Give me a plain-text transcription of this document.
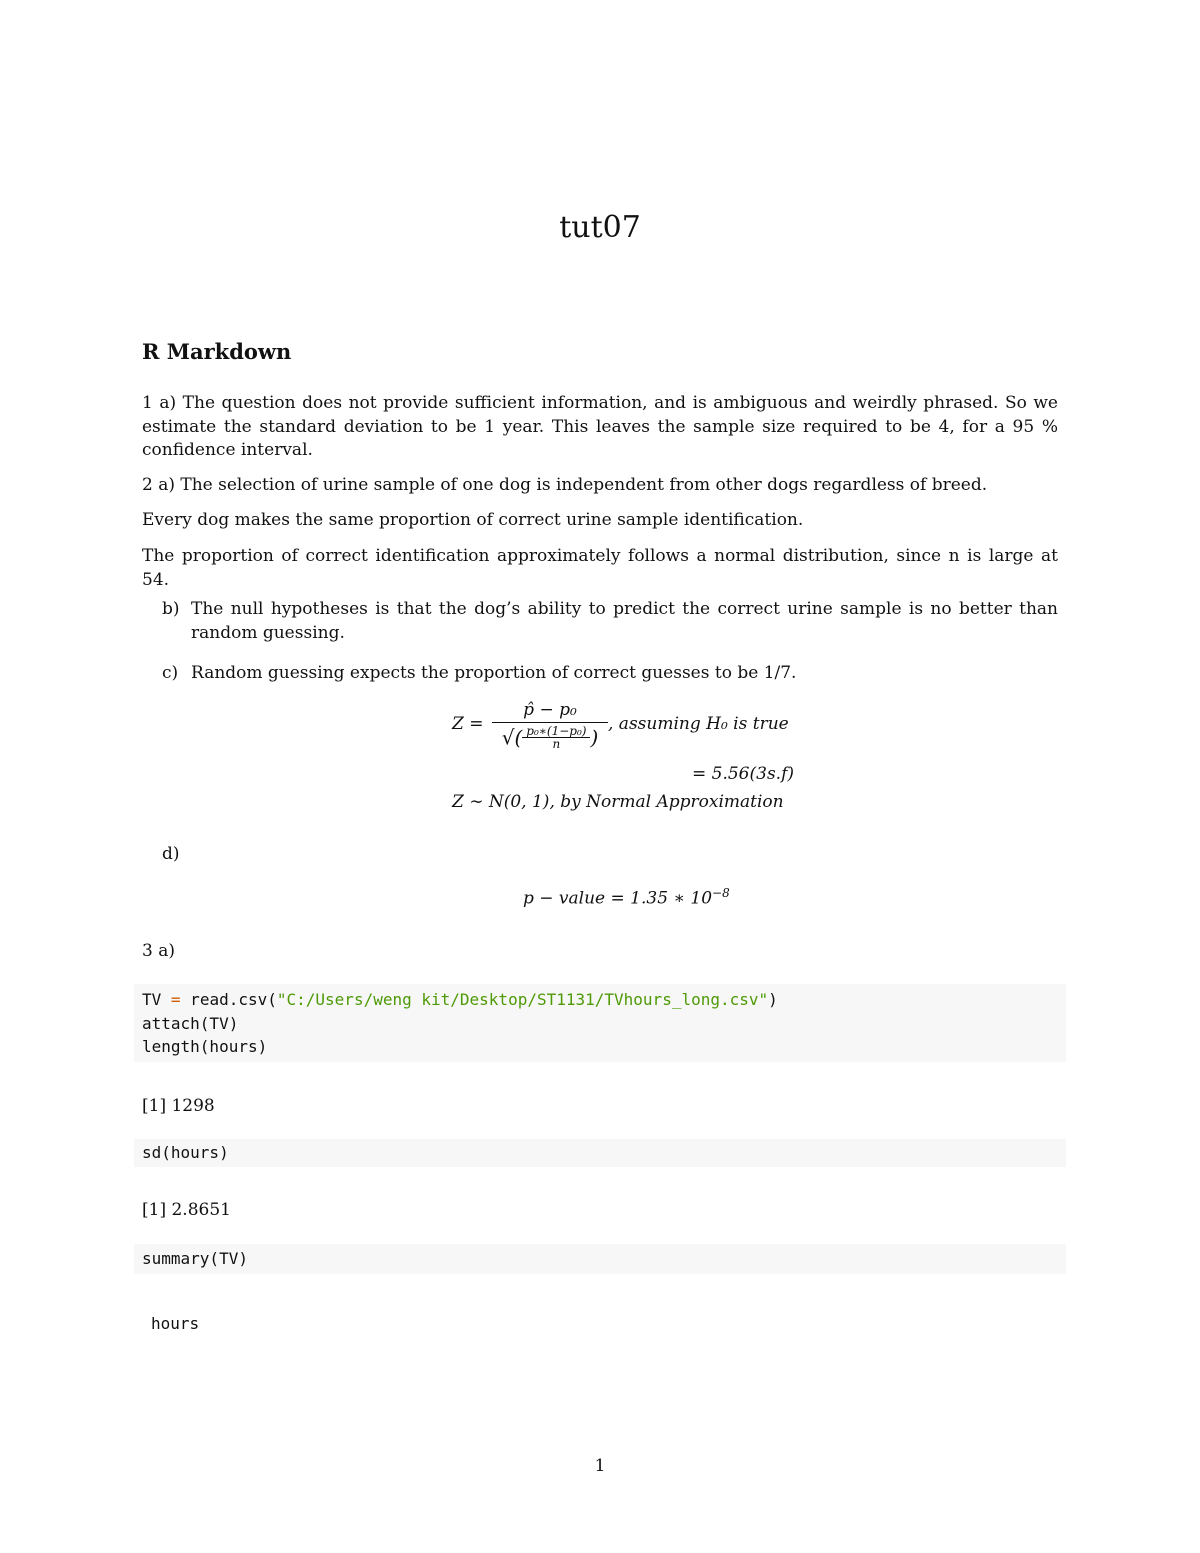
tut07
R Markdown
1 a) The question does not provide sufficient information, and is ambiguous and weirdly phrased. So we estimate the standard deviation to be 1 year. This leaves the sample size required to be 4, for a 95 % confidence interval.
2 a) The selection of urine sample of one dog is independent from other dogs regardless of breed.
Every dog makes the same proportion of correct urine sample identification.
The proportion of correct identification approximately follows a normal distribution, since n is large at 54.
b) The null hypotheses is that the dog’s ability to predict the correct urine sample is no better than random guessing.
c) Random guessing expects the proportion of correct guesses to be 1/7.
Z =
p̂ − p₀
√( $\frac{\text{p₀∗(1−p₀)}}{n}$ )
, assuming H₀ is true
= 5.56(3s.f)
Z ∼ N(0, 1), by Normal Approximation
d)
p − value = 1.35 ∗ $10^{-8}$
3 a)
TV = read.csv("C:/Users/weng kit/Desktop/ST1131/TVhours_long.csv")
attach(TV)
length(hours)
[1] 1298
sd(hours)
[1] 2.8651
summary(TV)
hours
1
